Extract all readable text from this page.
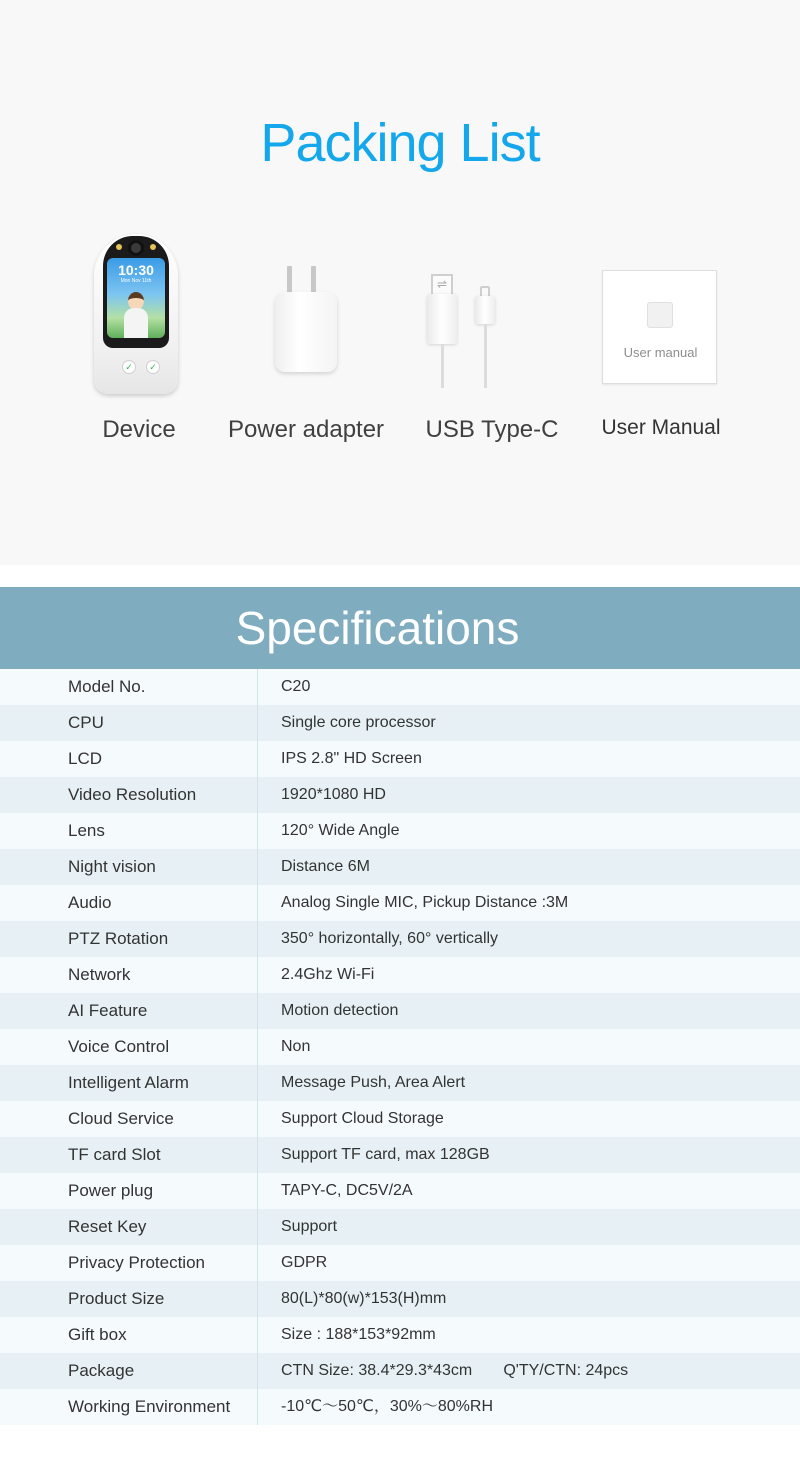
Packing List
10:30
Mon Nov 11th
✓	✓
Device	Power adapter
⇌
USB Type-C
User manual
User Manual
Specifications
Model No.	C20
CPU	Single core processor
LCD	IPS 2.8" HD Screen
Video Resolution	1920*1080 HD
Lens	120° Wide Angle
Night vision	Distance 6M
Audio	Analog Single MIC, Pickup Distance :3M
PTZ Rotation	350° horizontally, 60° vertically
Network	2.4Ghz Wi-Fi
AI Feature	Motion detection
Voice Control	Non
Intelligent Alarm	Message Push, Area Alert
Cloud Service	Support Cloud Storage
TF card Slot	Support TF card, max 128GB
Power plug	TAPY-C, DC5V/2A
Reset Key	Support
Privacy Protection	GDPR
Product Size	80(L)*80(w)*153(H)mm
Gift box	Size : 188*153*92mm
Package	CTN Size: 38.4*29.3*43cm       Q'TY/CTN: 24pcs
Working Environment	-10℃～50℃，30%～80%RH
